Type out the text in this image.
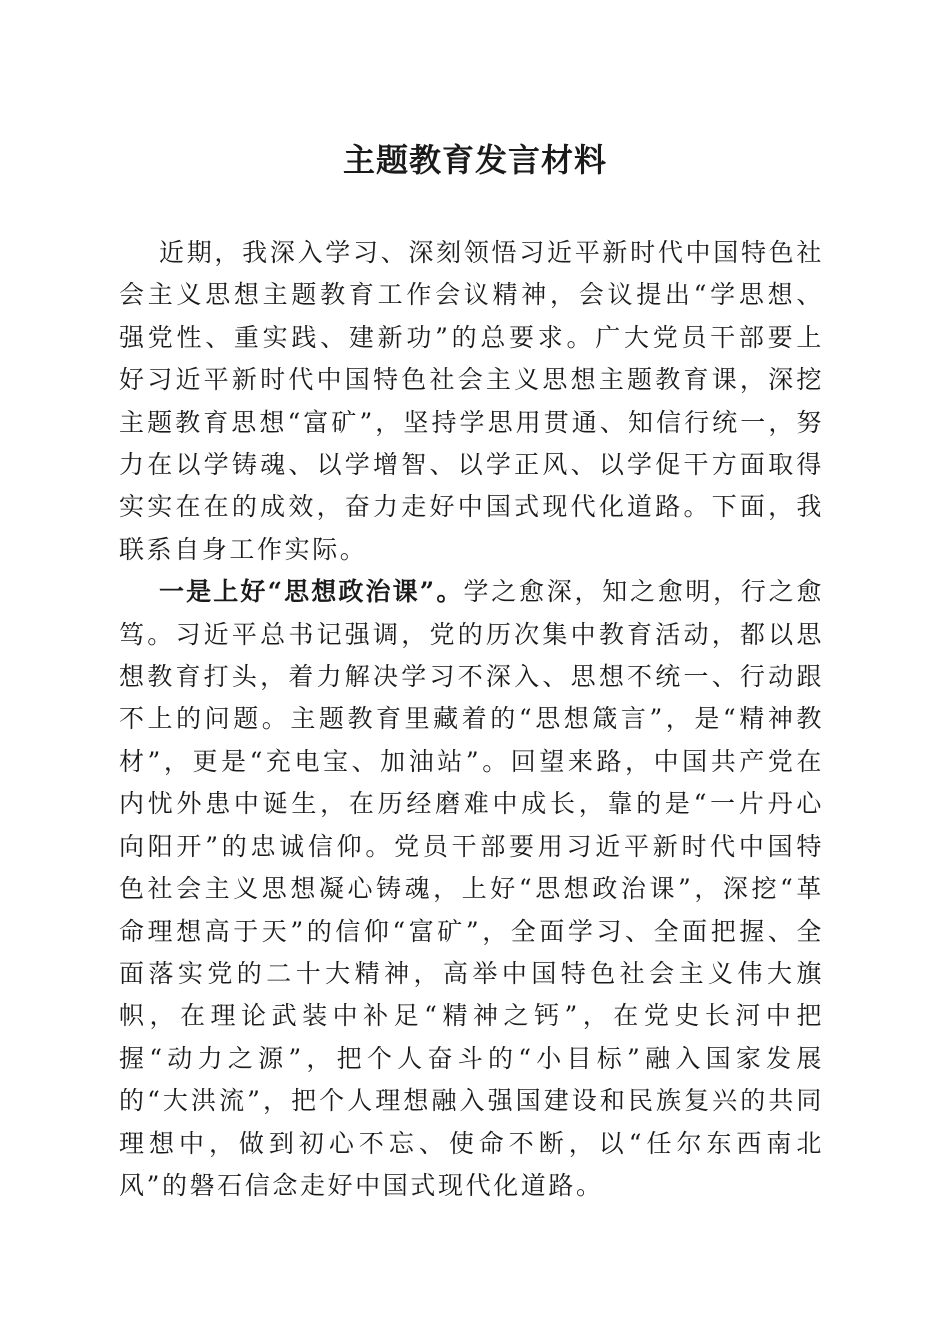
主题教育发言材料

近期，我深入学习、深刻领悟习近平新时代中国特色社会主义思想主题教育工作会议精神，会议提出“学思想、强党性、重实践、建新功”的总要求。广大党员干部要上好习近平新时代中国特色社会主义思想主题教育课，深挖主题教育思想“富矿”，坚持学思用贯通、知信行统一，努力在以学铸魂、以学增智、以学正风、以学促干方面取得实实在在的成效，奋力走好中国式现代化道路。下面，我联系自身工作实际。

一是上好“思想政治课”。学之愈深，知之愈明，行之愈笃。习近平总书记强调，党的历次集中教育活动，都以思想教育打头，着力解决学习不深入、思想不统一、行动跟不上的问题。主题教育里藏着的“思想箴言”，是“精神教材”，更是“充电宝、加油站”。回望来路，中国共产党在内忧外患中诞生，在历经磨难中成长，靠的是“一片丹心向阳开”的忠诚信仰。党员干部要用习近平新时代中国特色社会主义思想凝心铸魂，上好“思想政治课”，深挖“革命理想高于天”的信仰“富矿”，全面学习、全面把握、全面落实党的二十大精神，高举中国特色社会主义伟大旗帜，在理论武装中补足“精神之钙”，在党史长河中把握“动力之源”，把个人奋斗的“小目标”融入国家发展的“大洪流”，把个人理想融入强国建设和民族复兴的共同理想中，做到初心不忘、使命不断，以“任尔东西南北风”的磐石信念走好中国式现代化道路。
